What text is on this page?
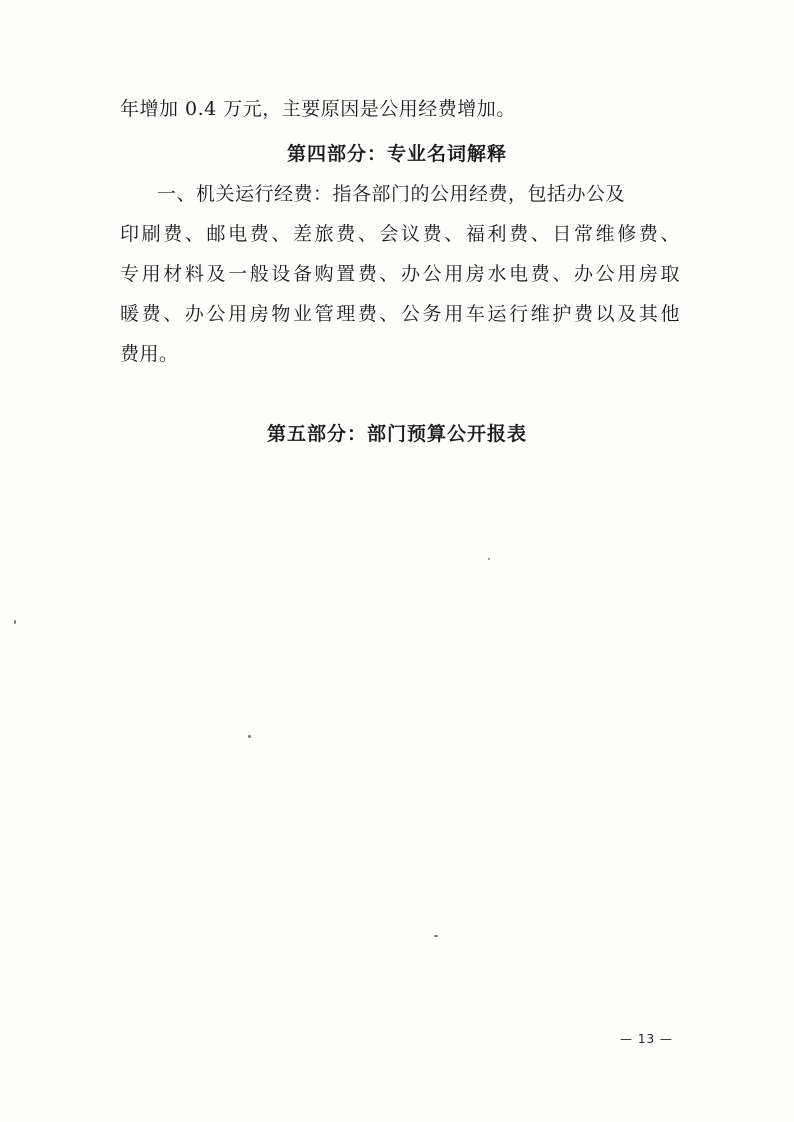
年增加 0.4 万元，主要原因是公用经费增加。
第四部分：专业名词解释
一、机关运行经费：指各部门的公用经费，包括办公及
印刷费、邮电费、差旅费、会议费、福利费、日常维修费、
专用材料及一般设备购置费、办公用房水电费、办公用房取
暖费、办公用房物业管理费、公务用车运行维护费以及其他
费用。
第五部分：部门预算公开报表
— 13 —
